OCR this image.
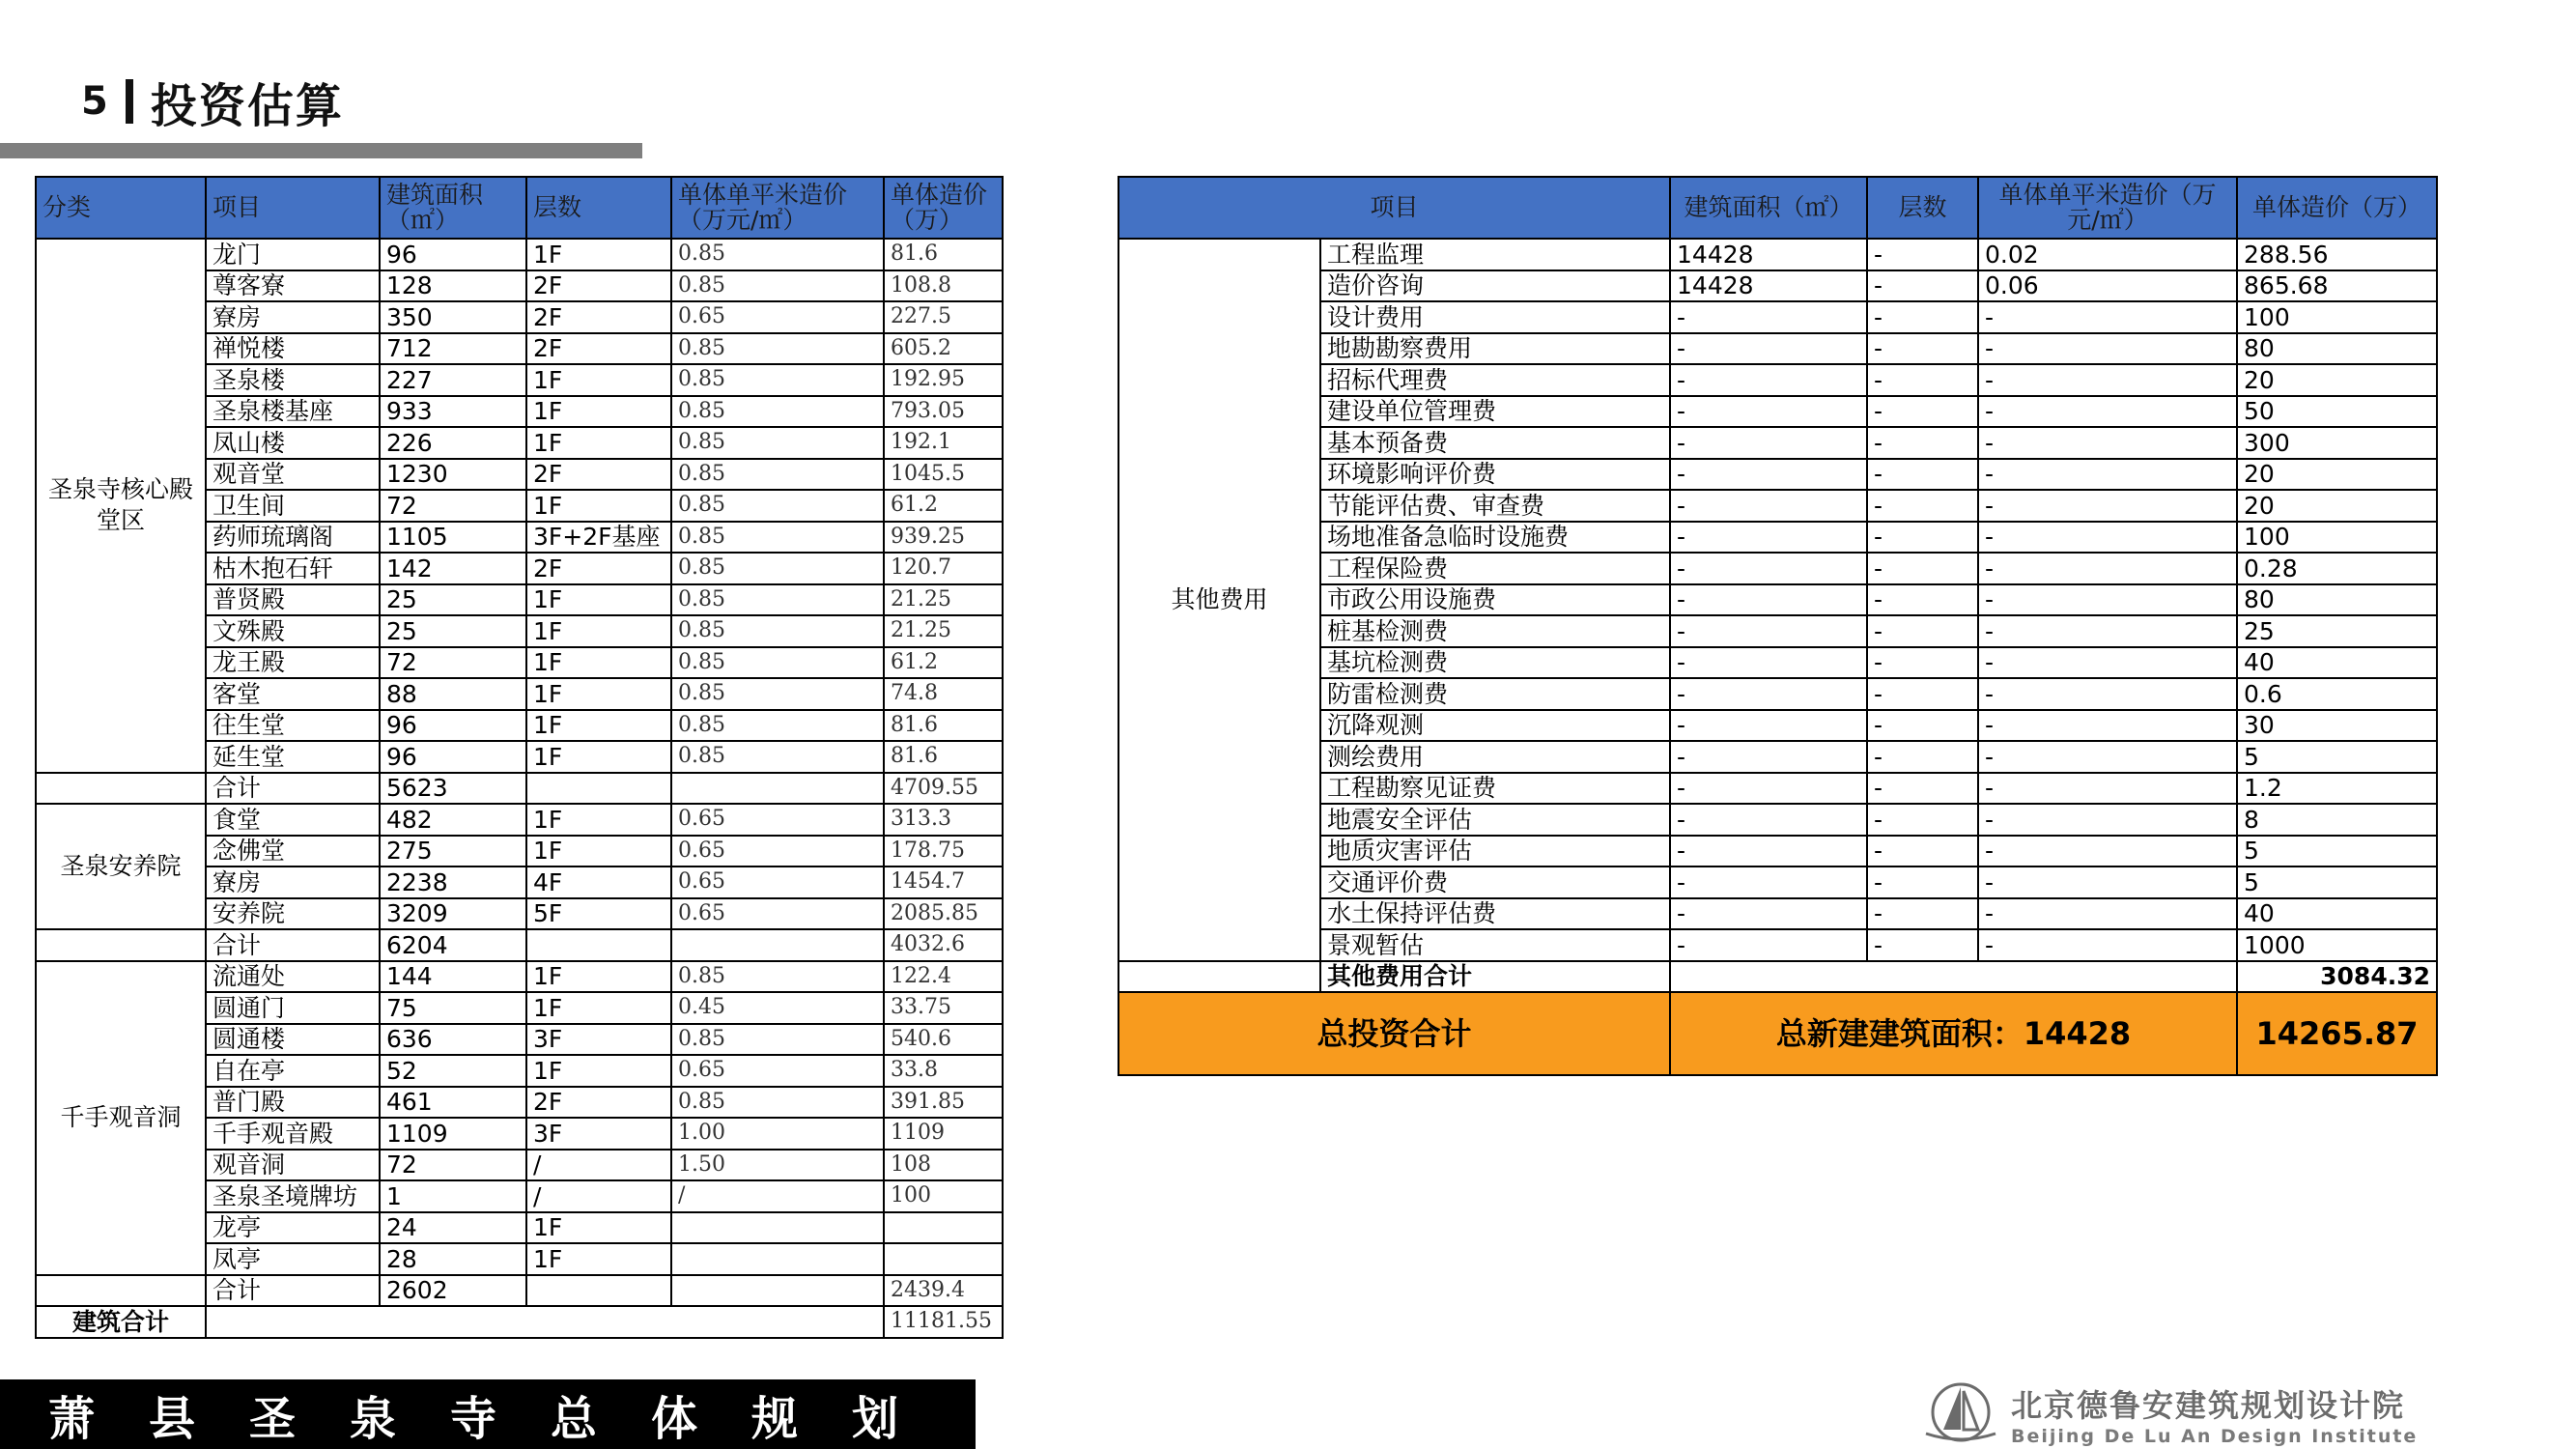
5 投资估算
分类	项目	建筑面积（㎡）	层数	单体单平米造价（万元/㎡）	单体造价（万）
圣泉寺核心殿堂区	龙门	96	1F	0.85	81.6
	尊客寮	128	2F	0.85	108.8
	寮房	350	2F	0.65	227.5
	禅悦楼	712	2F	0.85	605.2
	圣泉楼	227	1F	0.85	192.95
	圣泉楼基座	933	1F	0.85	793.05
	凤山楼	226	1F	0.85	192.1
	观音堂	1230	2F	0.85	1045.5
	卫生间	72	1F	0.85	61.2
	药师琉璃阁	1105	3F+2F基座	0.85	939.25
	枯木抱石轩	142	2F	0.85	120.7
	普贤殿	25	1F	0.85	21.25
	文殊殿	25	1F	0.85	21.25
	龙王殿	72	1F	0.85	61.2
	客堂	88	1F	0.85	74.8
	往生堂	96	1F	0.85	81.6
	延生堂	96	1F	0.85	81.6
	合计	5623			4709.55
圣泉安养院	食堂	482	1F	0.65	313.3
	念佛堂	275	1F	0.65	178.75
	寮房	2238	4F	0.65	1454.7
	安养院	3209	5F	0.65	2085.85
	合计	6204			4032.6
千手观音洞	流通处	144	1F	0.85	122.4
	圆通门	75	1F	0.45	33.75
	圆通楼	636	3F	0.85	540.6
	自在亭	52	1F	0.65	33.8
	普门殿	461	2F	0.85	391.85
	千手观音殿	1109	3F	1.00	1109
	观音洞	72	/	1.50	108
	圣泉圣境牌坊	1	/	/	100
	龙亭	24	1F		
	凤亭	28	1F		
	合计	2602			2439.4
建筑合计					11181.55
项目		建筑面积（㎡）	层数	单体单平米造价（万元/㎡）	单体造价（万）
其他费用	工程监理	14428	-	0.02	288.56
	造价咨询	14428	-	0.06	865.68
	设计费用	-	-	-	100
	地勘勘察费用	-	-	-	80
	招标代理费	-	-	-	20
	建设单位管理费	-	-	-	50
	基本预备费	-	-	-	300
	环境影响评价费	-	-	-	20
	节能评估费、审查费	-	-	-	20
	场地准备急临时设施费	-	-	-	100
	工程保险费	-	-	-	0.28
	市政公用设施费	-	-	-	80
	桩基检测费	-	-	-	25
	基坑检测费	-	-	-	40
	防雷检测费	-	-	-	0.6
	沉降观测	-	-	-	30
	测绘费用	-	-	-	5
	工程勘察见证费	-	-	-	1.2
	地震安全评估	-	-	-	8
	地质灾害评估	-	-	-	5
	交通评价费	-	-	-	5
	水土保持评估费	-	-	-	40
	景观暂估	-	-	-	1000
	其他费用合计				3084.32
总投资合计		总新建建筑面积：14428			14265.87
萧县圣泉寺总体规划	北京德鲁安建筑规划设计院
Beijing De Lu An Design Institute
